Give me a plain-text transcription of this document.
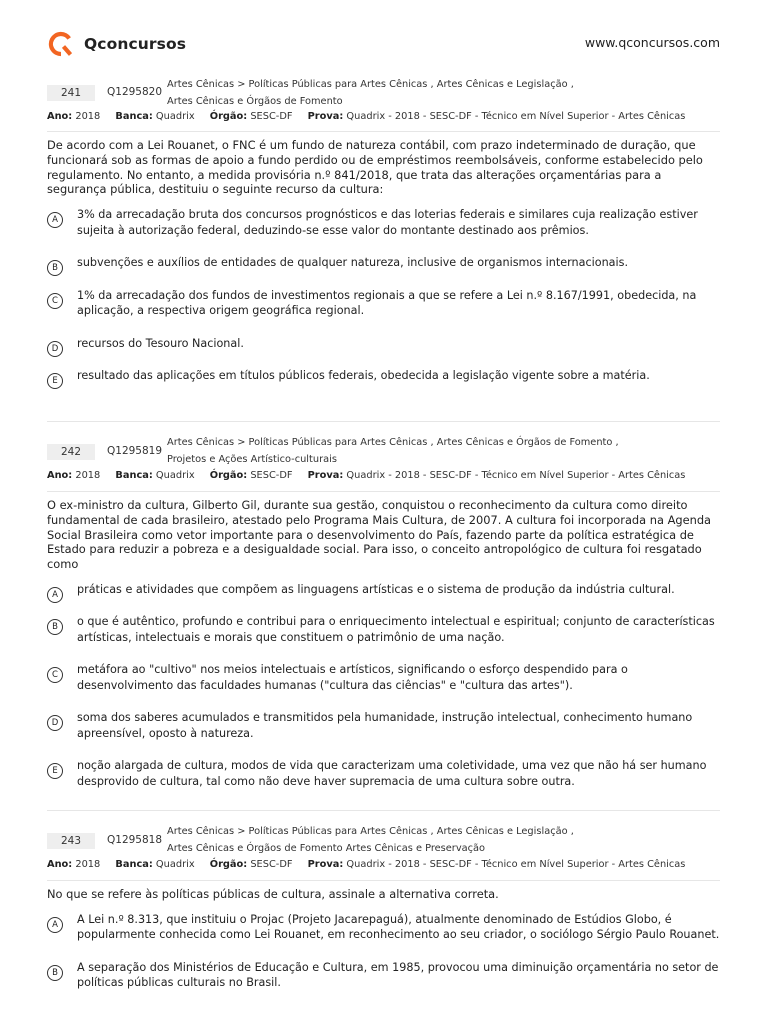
Qconcursos	www.qconcursos.com
241	Q1295820
Artes Cênicas > Políticas Públicas para Artes Cênicas , Artes Cênicas e Legislação ,
Artes Cênicas e Órgãos de Fomento
Ano: 2018 Banca: Quadrix Órgão: SESC-DF Prova: Quadrix - 2018 - SESC-DF - Técnico em Nível Superior - Artes Cênicas
De acordo com a Lei Rouanet, o FNC é um fundo de natureza contábil, com prazo indeterminado de duração, que funcionará sob as formas de apoio a fundo perdido ou de empréstimos reembolsáveis, conforme estabelecido pelo regulamento. No entanto, a medida provisória n.º 841/2018, que trata das alterações orçamentárias para a segurança pública, destituiu o seguinte recurso da cultura:
A	3% da arrecadação bruta dos concursos prognósticos e das loterias federais e similares cuja realização estiver sujeita à autorização federal, deduzindo-se esse valor do montante destinado aos prêmios.
B	subvenções e auxílios de entidades de qualquer natureza, inclusive de organismos internacionais.
C	1% da arrecadação dos fundos de investimentos regionais a que se refere a Lei n.º 8.167/1991, obedecida, na aplicação, a respectiva origem geográfica regional.
D	recursos do Tesouro Nacional.
E	resultado das aplicações em títulos públicos federais, obedecida a legislação vigente sobre a matéria.
242	Q1295819
Artes Cênicas > Políticas Públicas para Artes Cênicas , Artes Cênicas e Órgãos de Fomento ,
Projetos e Ações Artístico-culturais
Ano: 2018 Banca: Quadrix Órgão: SESC-DF Prova: Quadrix - 2018 - SESC-DF - Técnico em Nível Superior - Artes Cênicas
O ex-ministro da cultura, Gilberto Gil, durante sua gestão, conquistou o reconhecimento da cultura como direito fundamental de cada brasileiro, atestado pelo Programa Mais Cultura, de 2007. A cultura foi incorporada na Agenda Social Brasileira como vetor importante para o desenvolvimento do País, fazendo parte da política estratégica de Estado para reduzir a pobreza e a desigualdade social. Para isso, o conceito antropológico de cultura foi resgatado como
A	práticas e atividades que compõem as linguagens artísticas e o sistema de produção da indústria cultural.
B	o que é autêntico, profundo e contribui para o enriquecimento intelectual e espiritual; conjunto de características artísticas, intelectuais e morais que constituem o patrimônio de uma nação.
C	metáfora ao "cultivo" nos meios intelectuais e artísticos, significando o esforço despendido para o desenvolvimento das faculdades humanas ("cultura das ciências" e "cultura das artes").
D	soma dos saberes acumulados e transmitidos pela humanidade, instrução intelectual, conhecimento humano apreensível, oposto à natureza.
E	noção alargada de cultura, modos de vida que caracterizam uma coletividade, uma vez que não há ser humano desprovido de cultura, tal como não deve haver supremacia de uma cultura sobre outra.
243	Q1295818
Artes Cênicas > Políticas Públicas para Artes Cênicas , Artes Cênicas e Legislação ,
Artes Cênicas e Órgãos de Fomento Artes Cênicas e Preservação
Ano: 2018 Banca: Quadrix Órgão: SESC-DF Prova: Quadrix - 2018 - SESC-DF - Técnico em Nível Superior - Artes Cênicas
No que se refere às políticas públicas de cultura, assinale a alternativa correta.
A	A Lei n.º 8.313, que instituiu o Projac (Projeto Jacarepaguá), atualmente denominado de Estúdios Globo, é popularmente conhecida como Lei Rouanet, em reconhecimento ao seu criador, o sociólogo Sérgio Paulo Rouanet.
B	A separação dos Ministérios de Educação e Cultura, em 1985, provocou uma diminuição orçamentária no setor de políticas públicas culturais no Brasil.
